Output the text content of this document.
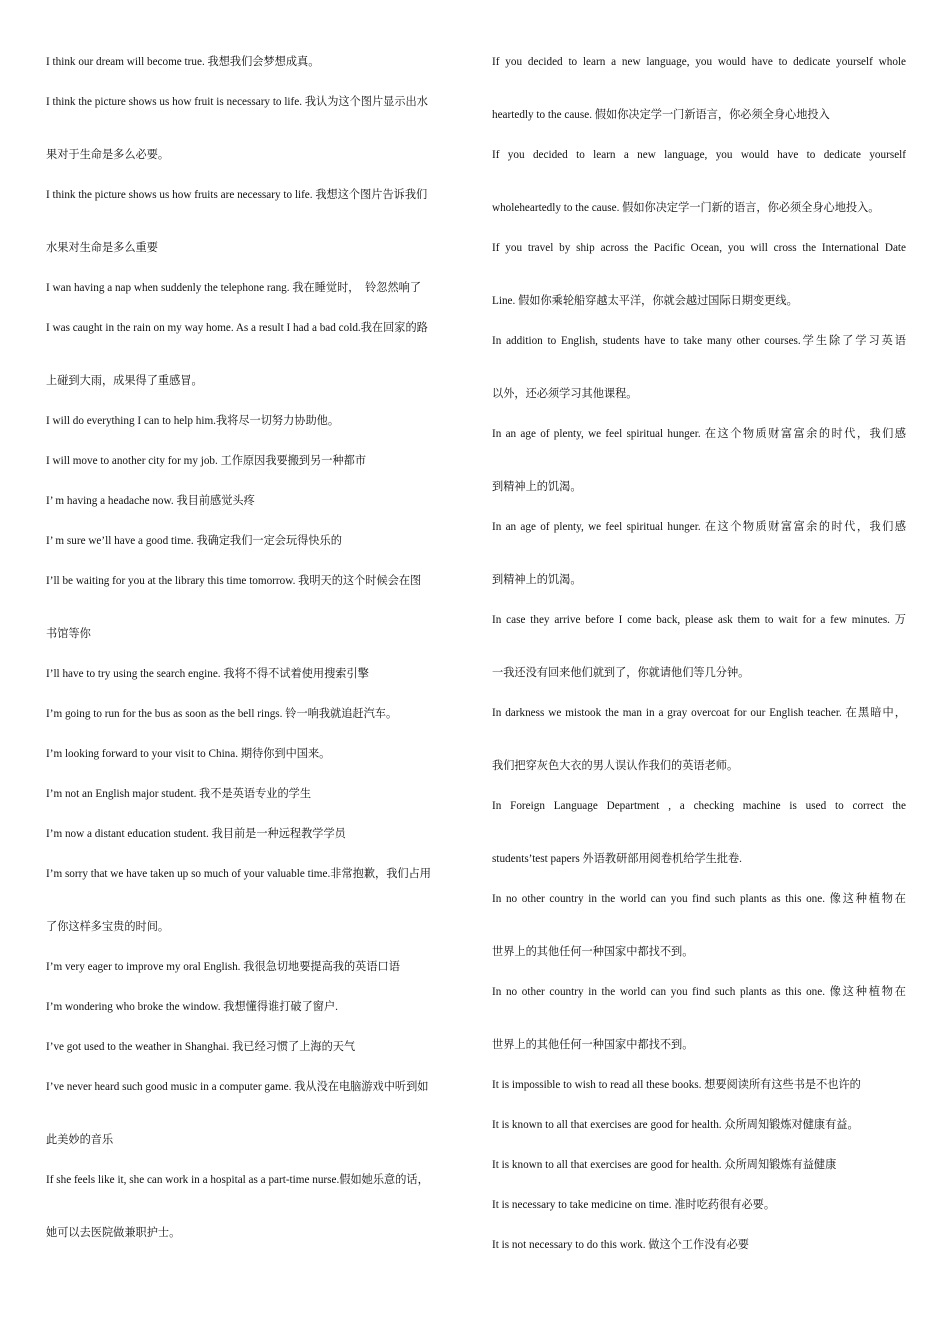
I think our dream will become true. 我想我们会梦想成真。
I think the picture shows us how fruit is necessary to life. 我认为这个图片显示出水
果对于生命是多么必要。
I think the picture shows us how fruits are necessary to life. 我想这个图片告诉我们
水果对生命是多么重要
I wan having a nap when suddenly the telephone rang. 我在睡觉时，　铃忽然响了
I was caught in the rain on my way home. As a result I had a bad cold.我在回家的路
上碰到大雨，成果得了重感冒。
I will do everything I can to help him.我将尽一切努力协助他。
I will move to another city for my job. 工作原因我要搬到另一种都市
I’ m having a headache now. 我目前感觉头疼
I’ m sure we’ll have a good time. 我确定我们一定会玩得快乐的
I’ll be waiting for you at the library this time tomorrow. 我明天的这个时候会在图
书馆等你
I’ll have to try using the search engine. 我将不得不试着使用搜索引擎
I’m going to run for the bus as soon as the bell rings. 铃一响我就追赶汽车。
I’m looking forward to your visit to China. 期待你到中国来。
I’m not an English major student. 我不是英语专业的学生
I’m now a distant education student. 我目前是一种远程教学学员
I’m sorry that we have taken up so much of your valuable time.非常抱歉，我们占用
了你这样多宝贵的时间。
I’m very eager to improve my oral English. 我很急切地要提高我的英语口语
I’m wondering who broke the window. 我想懂得谁打破了窗户.
I’ve got used to the weather in Shanghai. 我已经习惯了上海的天气
I’ve never heard such good music in a computer game. 我从没在电脑游戏中听到如
此美妙的音乐
If she feels like it, she can work in a hospital as a part-time nurse.假如她乐意的话，
她可以去医院做兼职护士。
If you decided to learn a new language, you would have to dedicate yourself whole
heartedly to the cause. 假如你决定学一门新语言，你必须全身心地投入
If you decided to learn a new language, you would have to dedicate yourself
wholeheartedly to the cause. 假如你决定学一门新的语言，你必须全身心地投入。
If you travel by ship across the Pacific Ocean, you will cross the International Date
Line. 假如你乘轮船穿越太平洋，你就会越过国际日期变更线。
In addition to English, students have to take many other courses.学生除了学习英语
以外，还必须学习其他课程。
In an age of plenty, we feel spiritual hunger. 在这个物质财富富余的时代，我们感
到精神上的饥渴。
In an age of plenty, we feel spiritual hunger. 在这个物质财富富余的时代，我们感
到精神上的饥渴。
In case they arrive before I come back, please ask them to wait for a few minutes. 万
一我还没有回来他们就到了，你就请他们等几分钟。
In darkness we mistook the man in a gray overcoat for our English teacher. 在黑暗中，
我们把穿灰色大衣的男人误认作我们的英语老师。
In Foreign Language Department , a checking machine is used to correct the
students’test papers 外语教研部用阅卷机给学生批卷.
In no other country in the world can you find such plants as this one. 像这种植物在
世界上的其他任何一种国家中都找不到。
In no other country in the world can you find such plants as this one. 像这种植物在
世界上的其他任何一种国家中都找不到。
It is impossible to wish to read all these books. 想要阅读所有这些书是不也许的
It is known to all that exercises are good for health. 众所周知锻炼对健康有益。
It is known to all that exercises are good for health. 众所周知锻炼有益健康
It is necessary to take medicine on time. 准时吃药很有必要。
It is not necessary to do this work. 做这个工作没有必要
